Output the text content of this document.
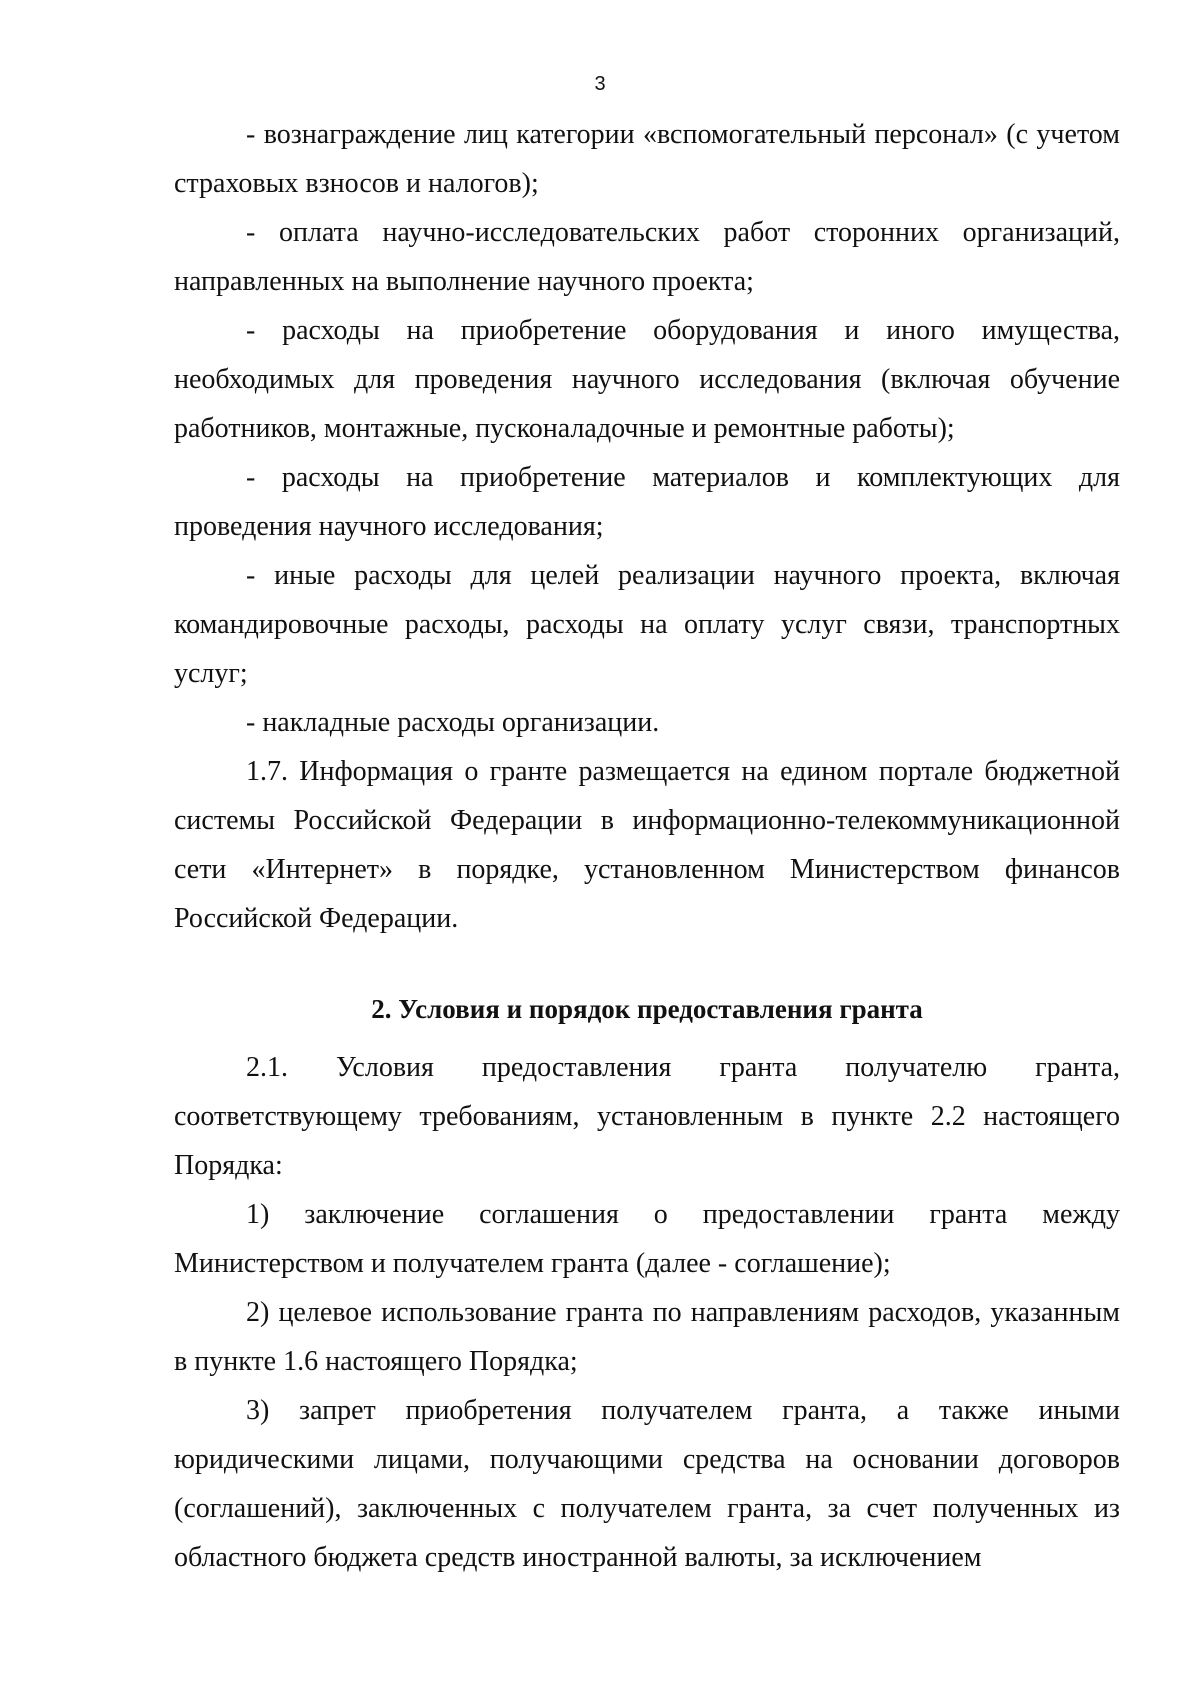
3

- вознаграждение лиц категории «вспомогательный персонал» (с учетом страховых взносов и налогов);

- оплата научно-исследовательских работ сторонних организаций, направленных на выполнение научного проекта;

- расходы на приобретение оборудования и иного имущества, необходимых для проведения научного исследования (включая обучение работников, монтажные, пусконаладочные и ремонтные работы);

- расходы на приобретение материалов и комплектующих для проведения научного исследования;

- иные расходы для целей реализации научного проекта, включая командировочные расходы, расходы на оплату услуг связи, транспортных услуг;

- накладные расходы организации.

1.7. Информация о гранте размещается на едином портале бюджетной системы Российской Федерации в информационно-телекоммуникационной сети «Интернет» в порядке, установленном Министерством финансов Российской Федерации.

2. Условия и порядок предоставления гранта

2.1. Условия предоставления гранта получателю гранта, соответствующему требованиям, установленным в пункте 2.2 настоящего Порядка:

1) заключение соглашения о предоставлении гранта между Министерством и получателем гранта (далее - соглашение);

2) целевое использование гранта по направлениям расходов, указанным в пункте 1.6 настоящего Порядка;

3) запрет приобретения получателем гранта, а также иными юридическими лицами, получающими средства на основании договоров (соглашений), заключенных с получателем гранта, за счет полученных из областного бюджета средств иностранной валюты, за исключением
